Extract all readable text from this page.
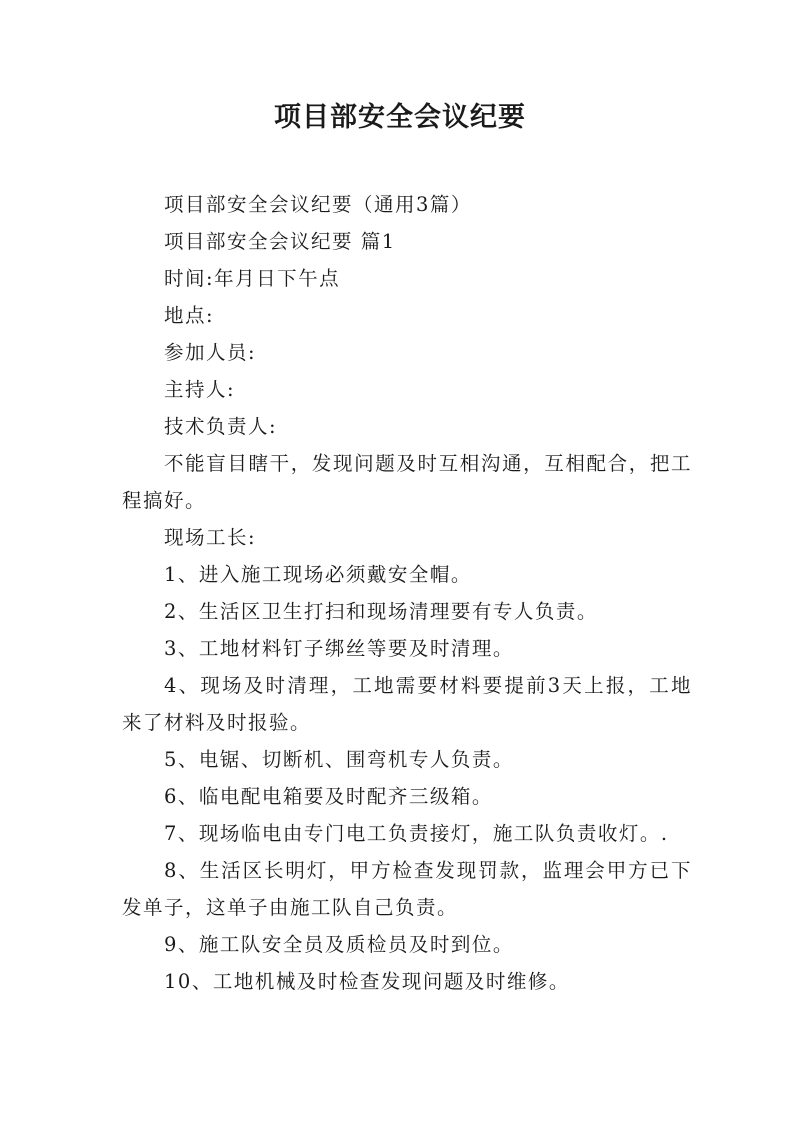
项目部安全会议纪要

项目部安全会议纪要（通用3篇）

项目部安全会议纪要 篇1

时间:年月日下午点

地点:

参加人员:

主持人:

技术负责人:

不能盲目瞎干，发现问题及时互相沟通，互相配合，把工程搞好。

现场工长:

1、进入施工现场必须戴安全帽。

2、生活区卫生打扫和现场清理要有专人负责。

3、工地材料钉子绑丝等要及时清理。

4、现场及时清理，工地需要材料要提前3天上报，工地来了材料及时报验。

5、电锯、切断机、围弯机专人负责。

6、临电配电箱要及时配齐三级箱。

7、现场临电由专门电工负责接灯，施工队负责收灯。.

8、生活区长明灯，甲方检查发现罚款，监理会甲方已下发单子，这单子由施工队自己负责。

9、施工队安全员及质检员及时到位。

10、工地机械及时检查发现问题及时维修。
